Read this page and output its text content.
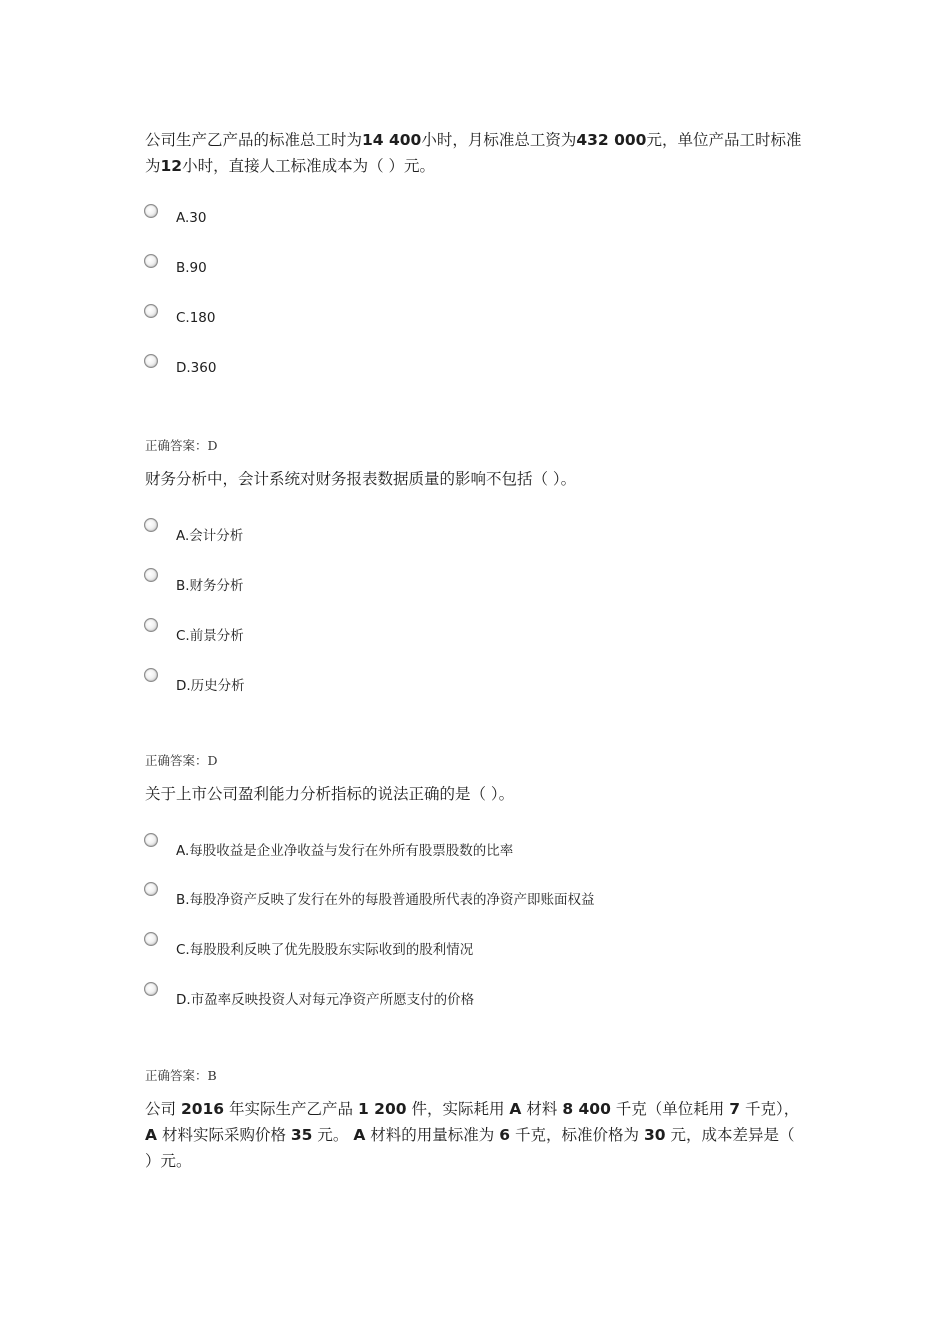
公司生产乙产品的标准总工时为14 400小时，月标准总工资为432 000元，单位产品工时标准为12小时，直接人工标准成本为（ ）元。
A.30
B.90
C.180
D.360
正确答案：D
财务分析中，会计系统对财务报表数据质量的影响不包括（ ）。
A.会计分析
B.财务分析
C.前景分析
D.历史分析
正确答案：D
关于上市公司盈利能力分析指标的说法正确的是（ ）。
A.每股收益是企业净收益与发行在外所有股票股数的比率
B.每股净资产反映了发行在外的每股普通股所代表的净资产即账面权益
C.每股股利反映了优先股股东实际收到的股利情况
D.市盈率反映投资人对每元净资产所愿支付的价格
正确答案：B
公司 2016 年实际生产乙产品 1 200 件，实际耗用 A 材料 8 400 千克（单位耗用 7 千克）， A 材料实际采购价格 35 元。 A 材料的用量标准为 6 千克，标准价格为 30 元，成本差异是（ ）元。
